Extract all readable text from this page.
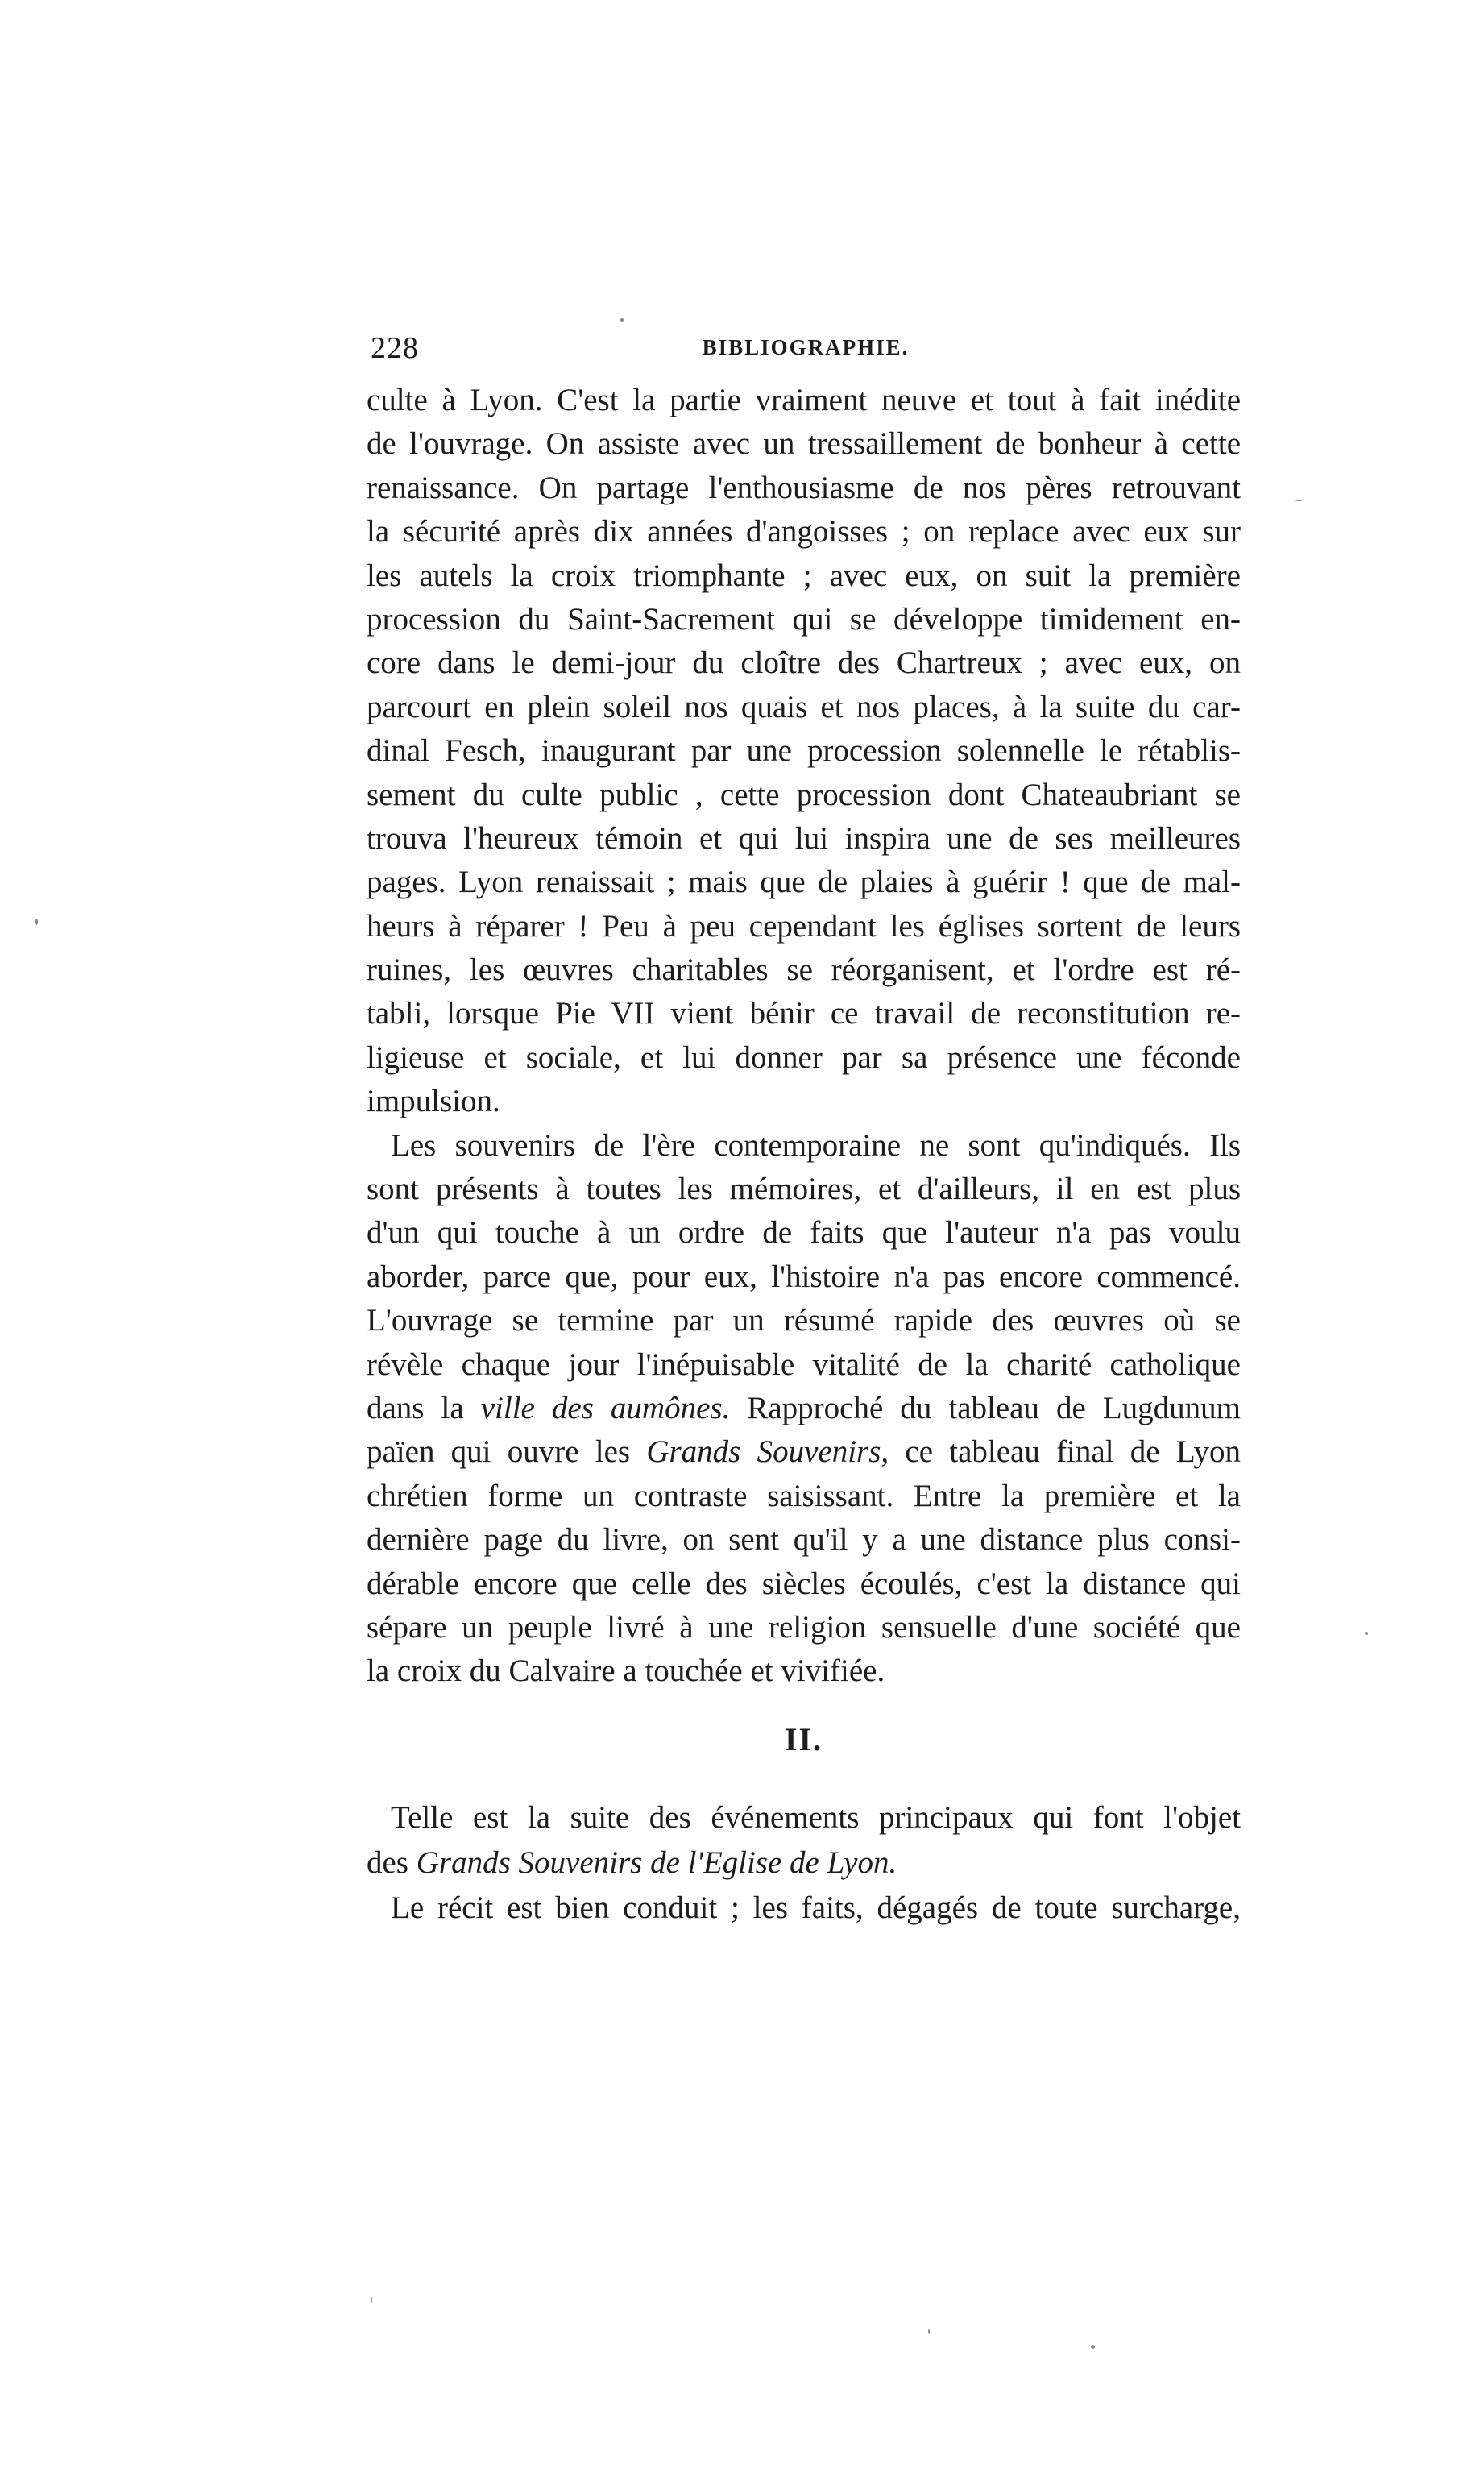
228	BIBLIOGRAPHIE.
culte à Lyon. C'est la partie vraiment neuve et tout à fait inédite
de l'ouvrage. On assiste avec un tressaillement de bonheur à cette
renaissance. On partage l'enthousiasme de nos pères retrouvant
la sécurité après dix années d'angoisses ; on replace avec eux sur
les autels la croix triomphante ; avec eux, on suit la première
procession du Saint-Sacrement qui se développe timidement en-
core dans le demi-jour du cloître des Chartreux ; avec eux, on
parcourt en plein soleil nos quais et nos places, à la suite du car-
dinal Fesch, inaugurant par une procession solennelle le rétablis-
sement du culte public , cette procession dont Chateaubriant se
trouva l'heureux témoin et qui lui inspira une de ses meilleures
pages. Lyon renaissait ; mais que de plaies à guérir ! que de mal-
heurs à réparer ! Peu à peu cependant les églises sortent de leurs
ruines, les œuvres charitables se réorganisent, et l'ordre est ré-
tabli, lorsque Pie VII vient bénir ce travail de reconstitution re-
ligieuse et sociale, et lui donner par sa présence une féconde
impulsion.
Les souvenirs de l'ère contemporaine ne sont qu'indiqués. Ils
sont présents à toutes les mémoires, et d'ailleurs, il en est plus
d'un qui touche à un ordre de faits que l'auteur n'a pas voulu
aborder, parce que, pour eux, l'histoire n'a pas encore commencé.
L'ouvrage se termine par un résumé rapide des œuvres où se
révèle chaque jour l'inépuisable vitalité de la charité catholique
dans la ville des aumônes. Rapproché du tableau de Lugdunum
païen qui ouvre les Grands Souvenirs, ce tableau final de Lyon
chrétien forme un contraste saisissant. Entre la première et la
dernière page du livre, on sent qu'il y a une distance plus consi-
dérable encore que celle des siècles écoulés, c'est la distance qui
sépare un peuple livré à une religion sensuelle d'une société que
la croix du Calvaire a touchée et vivifiée.
II.
Telle est la suite des événements principaux qui font l'objet
des Grands Souvenirs de l'Eglise de Lyon.
Le récit est bien conduit ; les faits, dégagés de toute surcharge,
